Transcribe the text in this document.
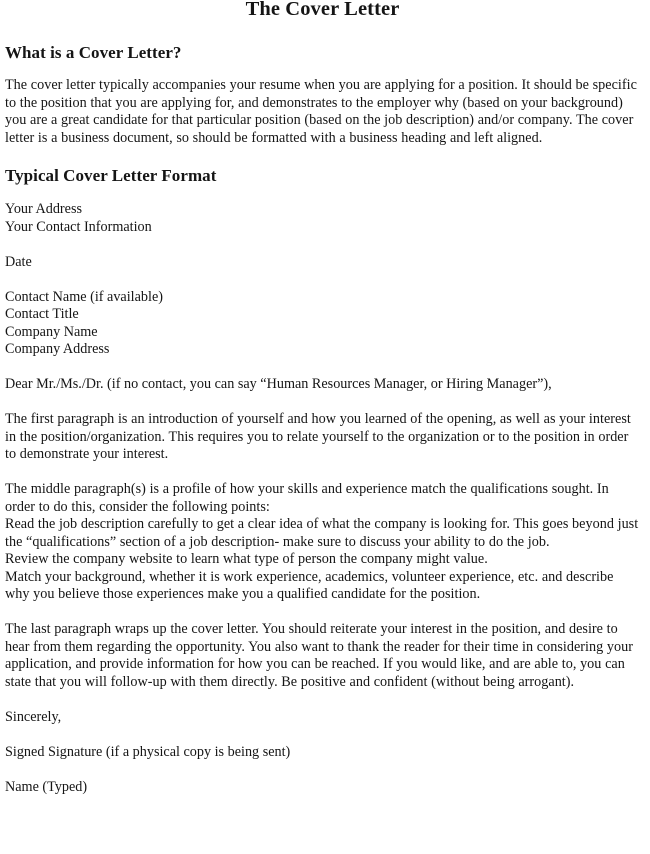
The Cover Letter
What is a Cover Letter?

The cover letter typically accompanies your resume when you are applying for a position. It should be specific to the position that you are applying for, and demonstrates to the employer why (based on your background) you are a great candidate for that particular position (based on the job description) and/or company. The cover letter is a business document, so should be formatted with a business heading and left aligned.

Typical Cover Letter Format
Your Address
Your Contact Information
Date
Contact Name (if available)
Contact Title
Company Name
Company Address
Dear Mr./Ms./Dr. (if no contact, you can say “Human Resources Manager, or Hiring Manager”),

The first paragraph is an introduction of yourself and how you learned of the opening, as well as your interest in the position/organization. This requires you to relate yourself to the organization or to the position in order to demonstrate your interest.

The middle paragraph(s) is a profile of how your skills and experience match the qualifications sought. In order to do this, consider the following points:

Read the job description carefully to get a clear idea of what the company is looking for. This goes beyond just the “qualifications” section of a job description- make sure to discuss your ability to do the job.

Review the company website to learn what type of person the company might value.

Match your background, whether it is work experience, academics, volunteer experience, etc. and describe why you believe those experiences make you a qualified candidate for the position.

The last paragraph wraps up the cover letter. You should reiterate your interest in the position, and desire to hear from them regarding the opportunity. You also want to thank the reader for their time in considering your application, and provide information for how you can be reached. If you would like, and are able to, you can state that you will follow-up with them directly. Be positive and confident (without being arrogant).

Sincerely,
Signed Signature (if a physical copy is being sent)
Name (Typed)
